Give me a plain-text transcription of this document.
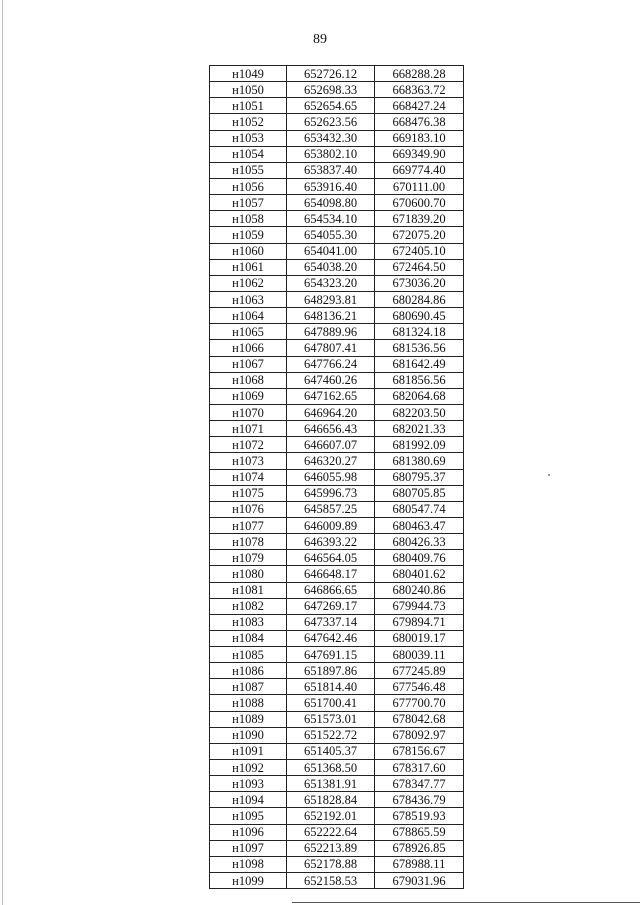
89
н1049	652726.12	668288.28
н1050	652698.33	668363.72
н1051	652654.65	668427.24
н1052	652623.56	668476.38
н1053	653432.30	669183.10
н1054	653802.10	669349.90
н1055	653837.40	669774.40
н1056	653916.40	670111.00
н1057	654098.80	670600.70
н1058	654534.10	671839.20
н1059	654055.30	672075.20
н1060	654041.00	672405.10
н1061	654038.20	672464.50
н1062	654323.20	673036.20
н1063	648293.81	680284.86
н1064	648136.21	680690.45
н1065	647889.96	681324.18
н1066	647807.41	681536.56
н1067	647766.24	681642.49
н1068	647460.26	681856.56
н1069	647162.65	682064.68
н1070	646964.20	682203.50
н1071	646656.43	682021.33
н1072	646607.07	681992.09
н1073	646320.27	681380.69
н1074	646055.98	680795.37
н1075	645996.73	680705.85
н1076	645857.25	680547.74
н1077	646009.89	680463.47
н1078	646393.22	680426.33
н1079	646564.05	680409.76
н1080	646648.17	680401.62
н1081	646866.65	680240.86
н1082	647269.17	679944.73
н1083	647337.14	679894.71
н1084	647642.46	680019.17
н1085	647691.15	680039.11
н1086	651897.86	677245.89
н1087	651814.40	677546.48
н1088	651700.41	677700.70
н1089	651573.01	678042.68
н1090	651522.72	678092.97
н1091	651405.37	678156.67
н1092	651368.50	678317.60
н1093	651381.91	678347.77
н1094	651828.84	678436.79
н1095	652192.01	678519.93
н1096	652222.64	678865.59
н1097	652213.89	678926.85
н1098	652178.88	678988.11
н1099	652158.53	679031.96
